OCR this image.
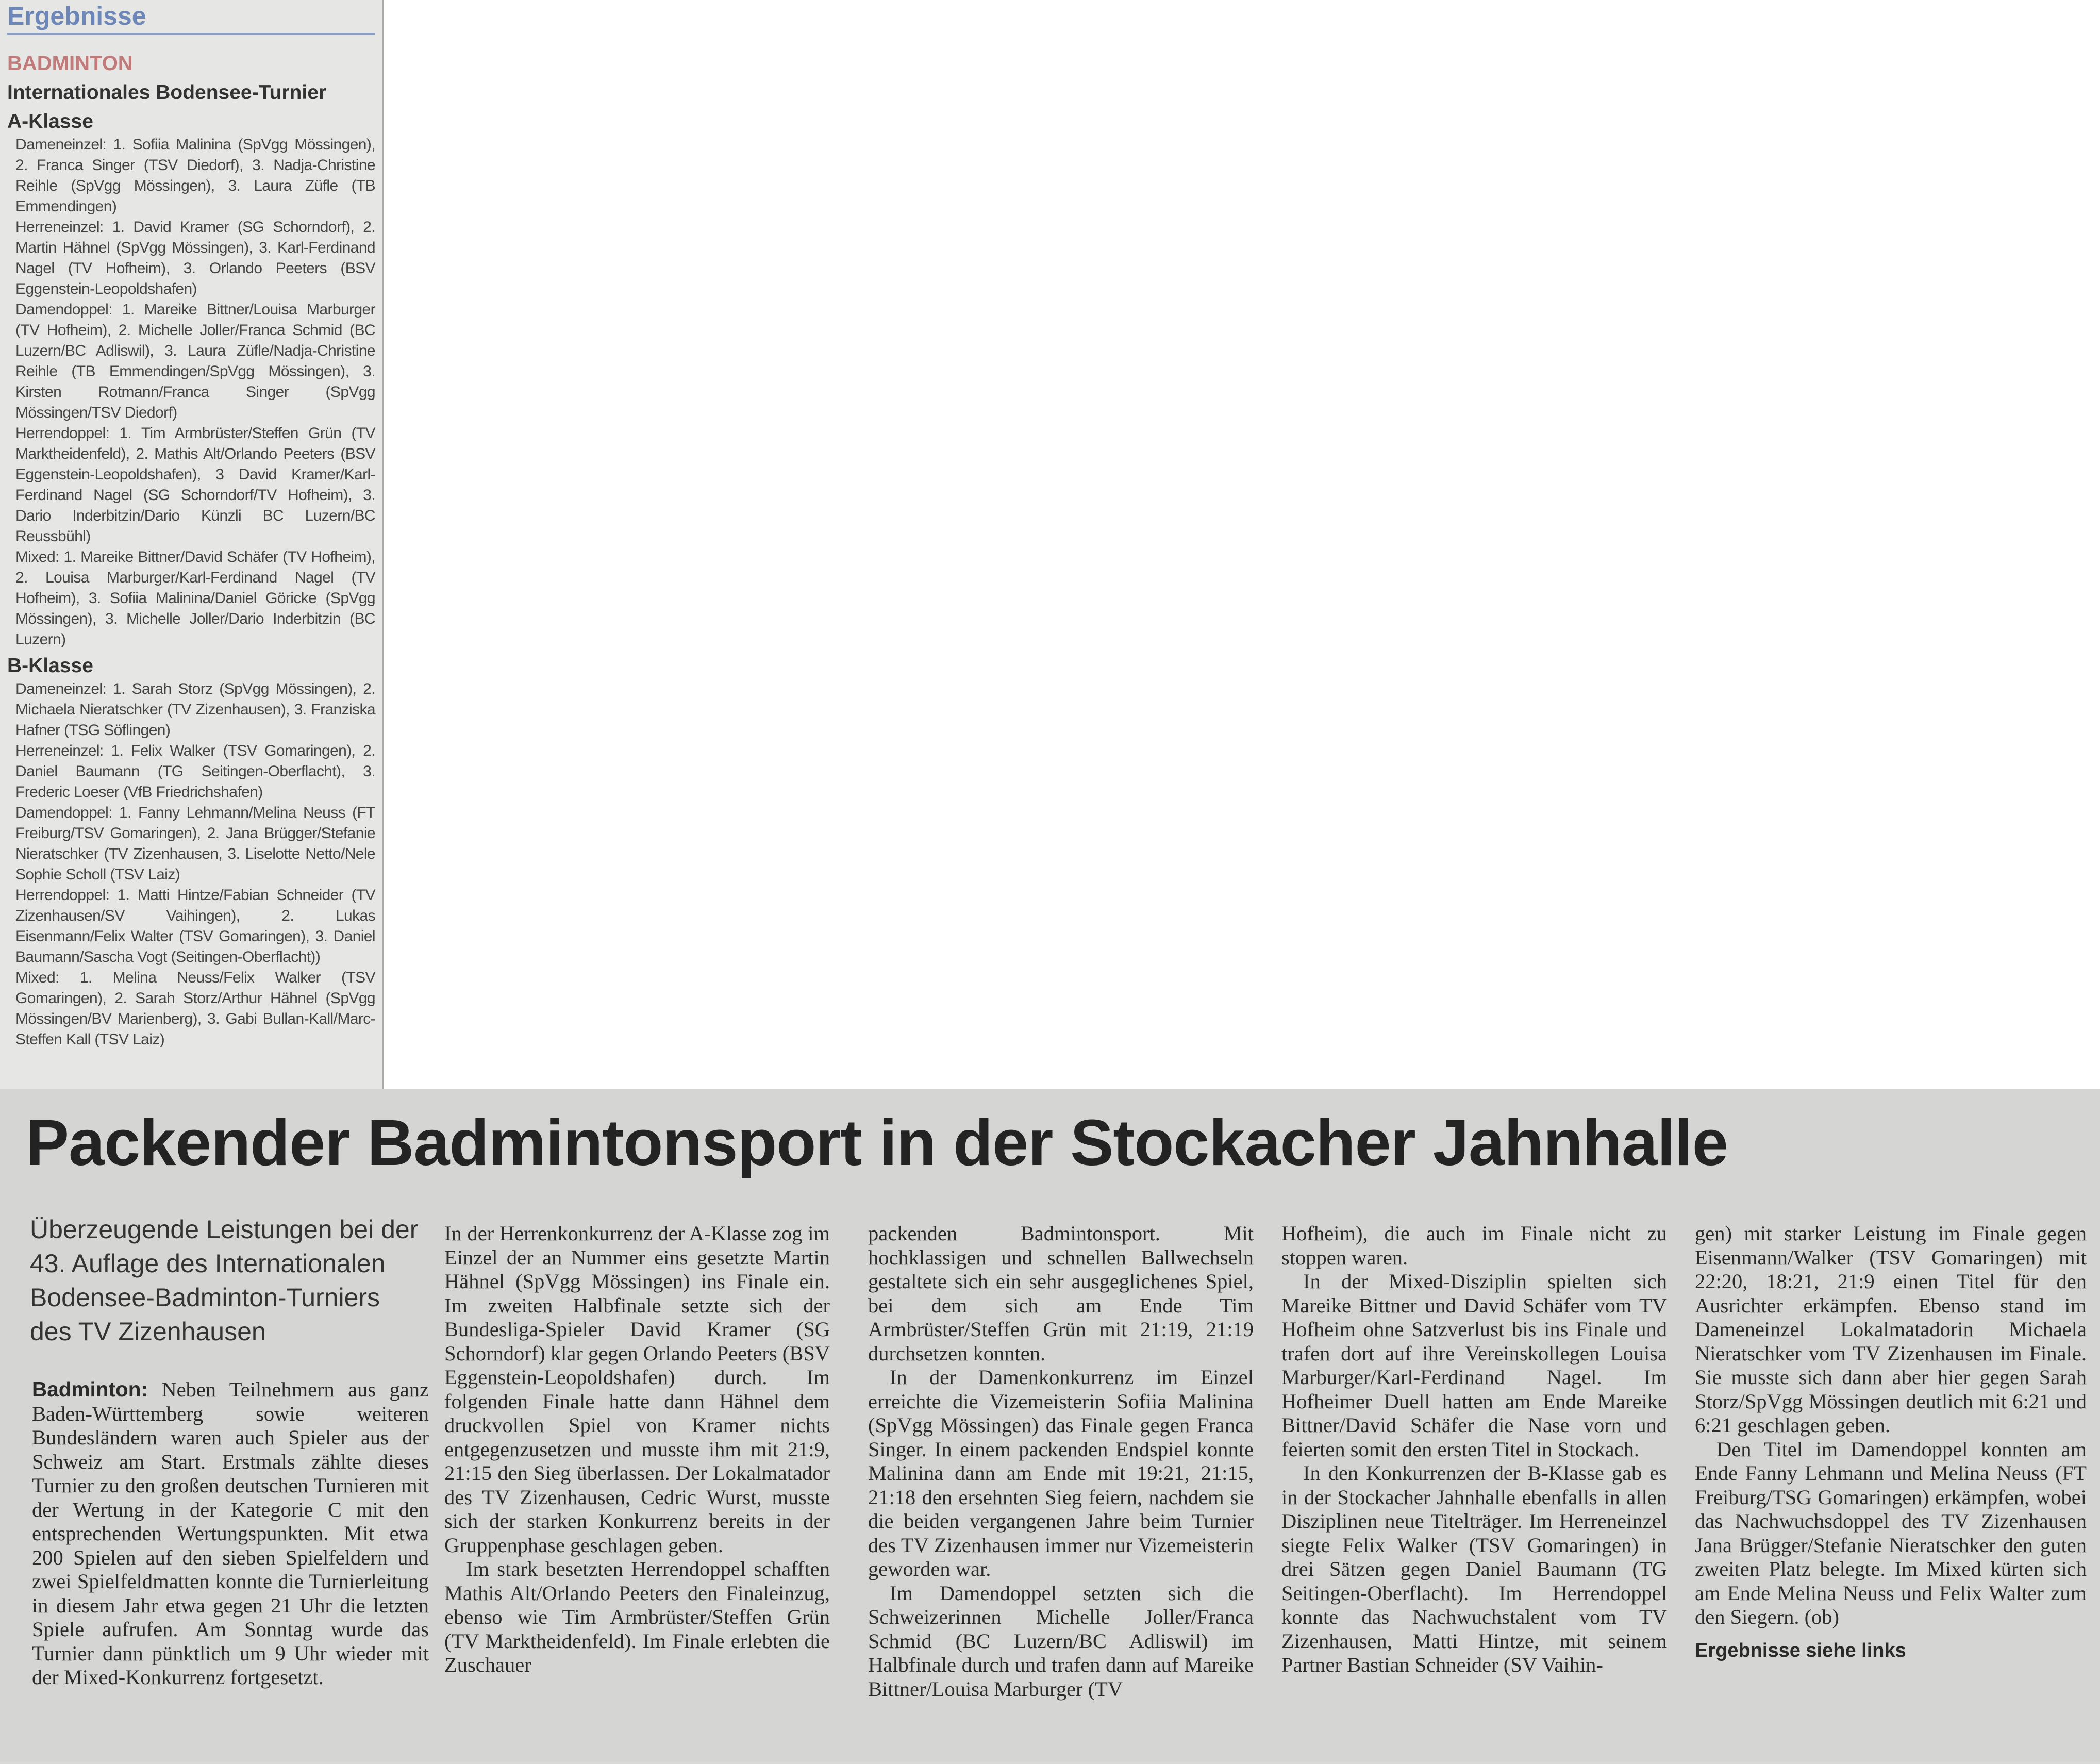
Ergebnisse
BADMINTON
Internationales Bodensee-Turnier
A-Klasse

Dameneinzel: 1. Sofiia Malinina (SpVgg Mössingen), 2. Franca Singer (TSV Diedorf), 3. Nadja-Christine Reihle (SpVgg Mössingen), 3. Laura Züfle (TB Emmendingen)

Herreneinzel: 1. David Kramer (SG Schorndorf), 2. Martin Hähnel (SpVgg Mössingen), 3. Karl-Ferdinand Nagel (TV Hofheim), 3. Orlando Peeters (BSV Eggenstein-Leopoldshafen)

Damendoppel: 1. Mareike Bittner/Louisa Marburger (TV Hofheim), 2. Michelle Joller/Franca Schmid (BC Luzern/BC Adliswil), 3. Laura Züfle/Nadja-Christine Reihle (TB Emmendingen/SpVgg Mössingen), 3. Kirsten Rotmann/Franca Singer (SpVgg Mössingen/TSV Diedorf)

Herrendoppel: 1. Tim Armbrüster/Steffen Grün (TV Marktheidenfeld), 2. Mathis Alt/Orlando Peeters (BSV Eggenstein-Leopoldshafen), 3 David Kramer/Karl-Ferdinand Nagel (SG Schorndorf/TV Hofheim), 3. Dario Inderbitzin/Dario Künzli BC Luzern/BC Reussbühl)

Mixed: 1. Mareike Bittner/David Schäfer (TV Hofheim), 2. Louisa Marburger/Karl-Ferdinand Nagel (TV Hofheim), 3. Sofiia Malinina/Daniel Göricke (SpVgg Mössingen), 3. Michelle Joller/Dario Inderbitzin (BC Luzern)

B-Klasse

Dameneinzel: 1. Sarah Storz (SpVgg Mössingen), 2. Michaela Nieratschker (TV Zizenhausen), 3. Franziska Hafner (TSG Söflingen)

Herreneinzel: 1. Felix Walker (TSV Gomaringen), 2. Daniel Baumann (TG Seitingen-Oberflacht), 3. Frederic Loeser (VfB Friedrichshafen)

Damendoppel: 1. Fanny Lehmann/Melina Neuss (FT Freiburg/TSV Gomaringen), 2. Jana Brügger/Stefanie Nieratschker (TV Zizenhausen, 3. Liselotte Netto/Nele Sophie Scholl (TSV Laiz)

Herrendoppel: 1. Matti Hintze/Fabian Schneider (TV Zizenhausen/SV Vaihingen), 2. Lukas Eisenmann/Felix Walter (TSV Gomaringen), 3. Daniel Baumann/Sascha Vogt (Seitingen-Oberflacht))

Mixed: 1. Melina Neuss/Felix Walker (TSV Gomaringen), 2. Sarah Storz/Arthur Hähnel (SpVgg Mössingen/BV Marienberg), 3. Gabi Bullan-Kall/Marc-Steffen Kall (TSV Laiz)

Packender Badmintonsport in der Stockacher Jahnhalle

Überzeugende Leistungen bei der 43. Auflage des Internationalen Bodensee-Badminton-Turniers des TV Zizenhausen

Badminton: Neben Teilnehmern aus ganz Baden-Württemberg sowie weiteren Bundesländern waren auch Spieler aus der Schweiz am Start. Erstmals zählte dieses Turnier zu den großen deutschen Turnieren mit der Wertung in der Kategorie C mit den entsprechenden Wertungspunkten. Mit etwa 200 Spielen auf den sieben Spielfeldern und zwei Spielfeldmatten konnte die Turnierleitung in diesem Jahr etwa gegen 21 Uhr die letzten Spiele aufrufen. Am Sonntag wurde das Turnier dann pünktlich um 9 Uhr wieder mit der Mixed-Konkurrenz fortgesetzt.

In der Herrenkonkurrenz der A-Klasse zog im Einzel der an Nummer eins gesetzte Martin Hähnel (SpVgg Mössingen) ins Finale ein. Im zweiten Halbfinale setzte sich der Bundesliga-Spieler David Kramer (SG Schorndorf) klar gegen Orlando Peeters (BSV Eggenstein-Leopoldshafen) durch. Im folgenden Finale hatte dann Hähnel dem druckvollen Spiel von Kramer nichts entgegenzusetzen und musste ihm mit 21:9, 21:15 den Sieg überlassen. Der Lokalmatador des TV Zizenhausen, Cedric Wurst, musste sich der starken Konkurrenz bereits in der Gruppenphase geschlagen geben.

Im stark besetzten Herrendoppel schafften Mathis Alt/Orlando Peeters den Finaleinzug, ebenso wie Tim Armbrüster/Steffen Grün (TV Marktheidenfeld). Im Finale erlebten die Zuschauer

packenden Badmintonsport. Mit hochklassigen und schnellen Ballwechseln gestaltete sich ein sehr ausgeglichenes Spiel, bei dem sich am Ende Tim Armbrüster/Steffen Grün mit 21:19, 21:19 durchsetzen konnten.

In der Damenkonkurrenz im Einzel erreichte die Vizemeisterin Sofiia Malinina (SpVgg Mössingen) das Finale gegen Franca Singer. In einem packenden Endspiel konnte Malinina dann am Ende mit 19:21, 21:15, 21:18 den ersehnten Sieg feiern, nachdem sie die beiden vergangenen Jahre beim Turnier des TV Zizenhausen immer nur Vizemeisterin geworden war.

Im Damendoppel setzten sich die Schweizerinnen Michelle Joller/Franca Schmid (BC Luzern/BC Adliswil) im Halbfinale durch und trafen dann auf Mareike Bittner/Louisa Marburger (TV

Hofheim), die auch im Finale nicht zu stoppen waren.

In der Mixed-Disziplin spielten sich Mareike Bittner und David Schäfer vom TV Hofheim ohne Satzverlust bis ins Finale und trafen dort auf ihre Vereinskollegen Louisa Marburger/Karl-Ferdinand Nagel. Im Hofheimer Duell hatten am Ende Mareike Bittner/David Schäfer die Nase vorn und feierten somit den ersten Titel in Stockach.

In den Konkurrenzen der B-Klasse gab es in der Stockacher Jahnhalle ebenfalls in allen Disziplinen neue Titelträger. Im Herreneinzel siegte Felix Walker (TSV Gomaringen) in drei Sätzen gegen Daniel Baumann (TG Seitingen-Oberflacht). Im Herrendoppel konnte das Nachwuchstalent vom TV Zizenhausen, Matti Hintze, mit seinem Partner Bastian Schneider (SV Vaihin-

gen) mit starker Leistung im Finale gegen Eisenmann/Walker (TSV Gomaringen) mit 22:20, 18:21, 21:9 einen Titel für den Ausrichter erkämpfen. Ebenso stand im Dameneinzel Lokalmatadorin Michaela Nieratschker vom TV Zizenhausen im Finale. Sie musste sich dann aber hier gegen Sarah Storz/SpVgg Mössingen deutlich mit 6:21 und 6:21 geschlagen geben.

Den Titel im Damendoppel konnten am Ende Fanny Lehmann und Melina Neuss (FT Freiburg/TSG Gomaringen) erkämpfen, wobei das Nachwuchsdoppel des TV Zizenhausen Jana Brügger/Stefanie Nieratschker den guten zweiten Platz belegte. Im Mixed kürten sich am Ende Melina Neuss und Felix Walter zum den Siegern. (ob)

Ergebnisse siehe links
